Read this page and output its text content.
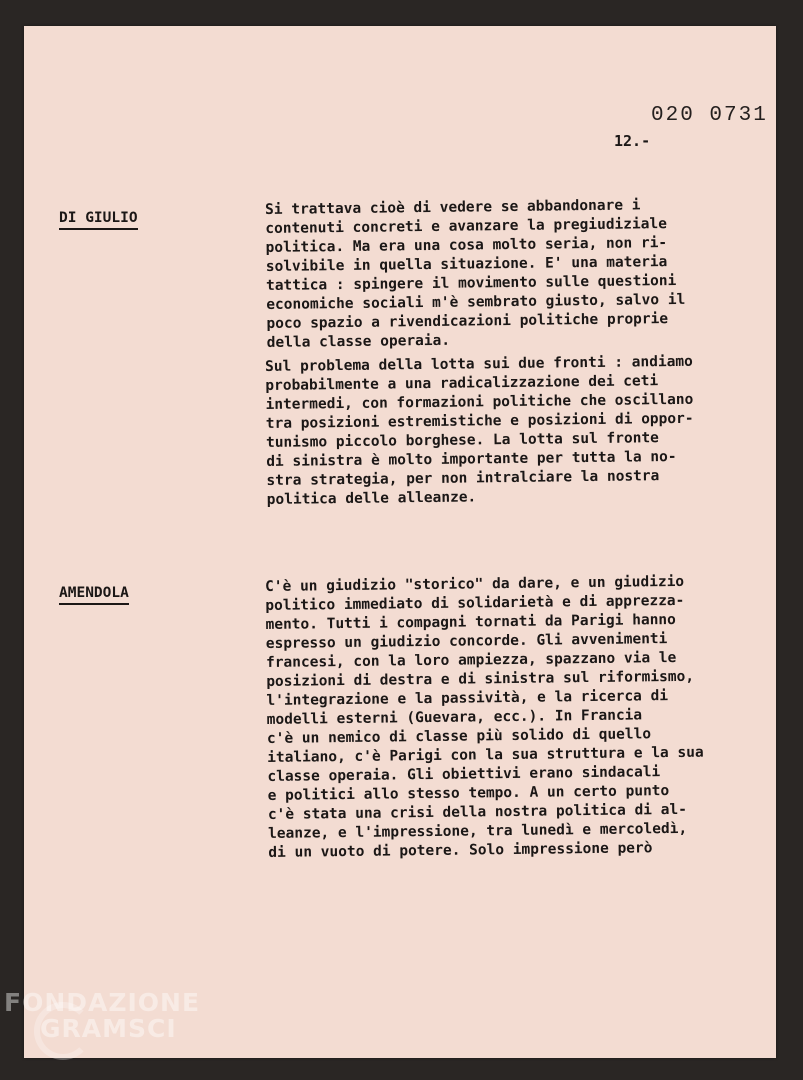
020 0731
12.-
DI GIULIO
Si trattava cioè di vedere se abbandonare i
contenuti concreti e avanzare la pregiudiziale
politica. Ma era una cosa molto seria, non ri-
solvibile in quella situazione. E' una materia
tattica : spingere il movimento sulle questioni
economiche sociali m'è sembrato giusto, salvo il
poco spazio a rivendicazioni politiche proprie
della classe operaia.
Sul problema della lotta sui due fronti : andiamo
probabilmente a una radicalizzazione dei ceti
intermedi, con formazioni politiche che oscillano
tra posizioni estremistiche e posizioni di oppor-
tunismo piccolo borghese. La lotta sul fronte
di sinistra è molto importante per tutta la no-
stra strategia, per non intralciare la nostra
politica delle alleanze.
AMENDOLA	C'è un giudizio "storico" da dare, e un giudizio
politico immediato di solidarietà e di apprezza-
mento. Tutti i compagni tornati da Parigi hanno
espresso un giudizio concorde. Gli avvenimenti
francesi, con la loro ampiezza, spazzano via le
posizioni di destra e di sinistra sul riformismo,
l'integrazione e la passività, e la ricerca di
modelli esterni (Guevara, ecc.). In Francia
c'è un nemico di classe più solido di quello
italiano, c'è Parigi con la sua struttura e la sua
classe operaia. Gli obiettivi erano sindacali
e politici allo stesso tempo. A un certo punto
c'è stata una crisi della nostra politica di al-
leanze, e l'impressione, tra lunedì e mercoledì,
di un vuoto di potere. Solo impressione però
FONDAZIONE
GRAMSCI
